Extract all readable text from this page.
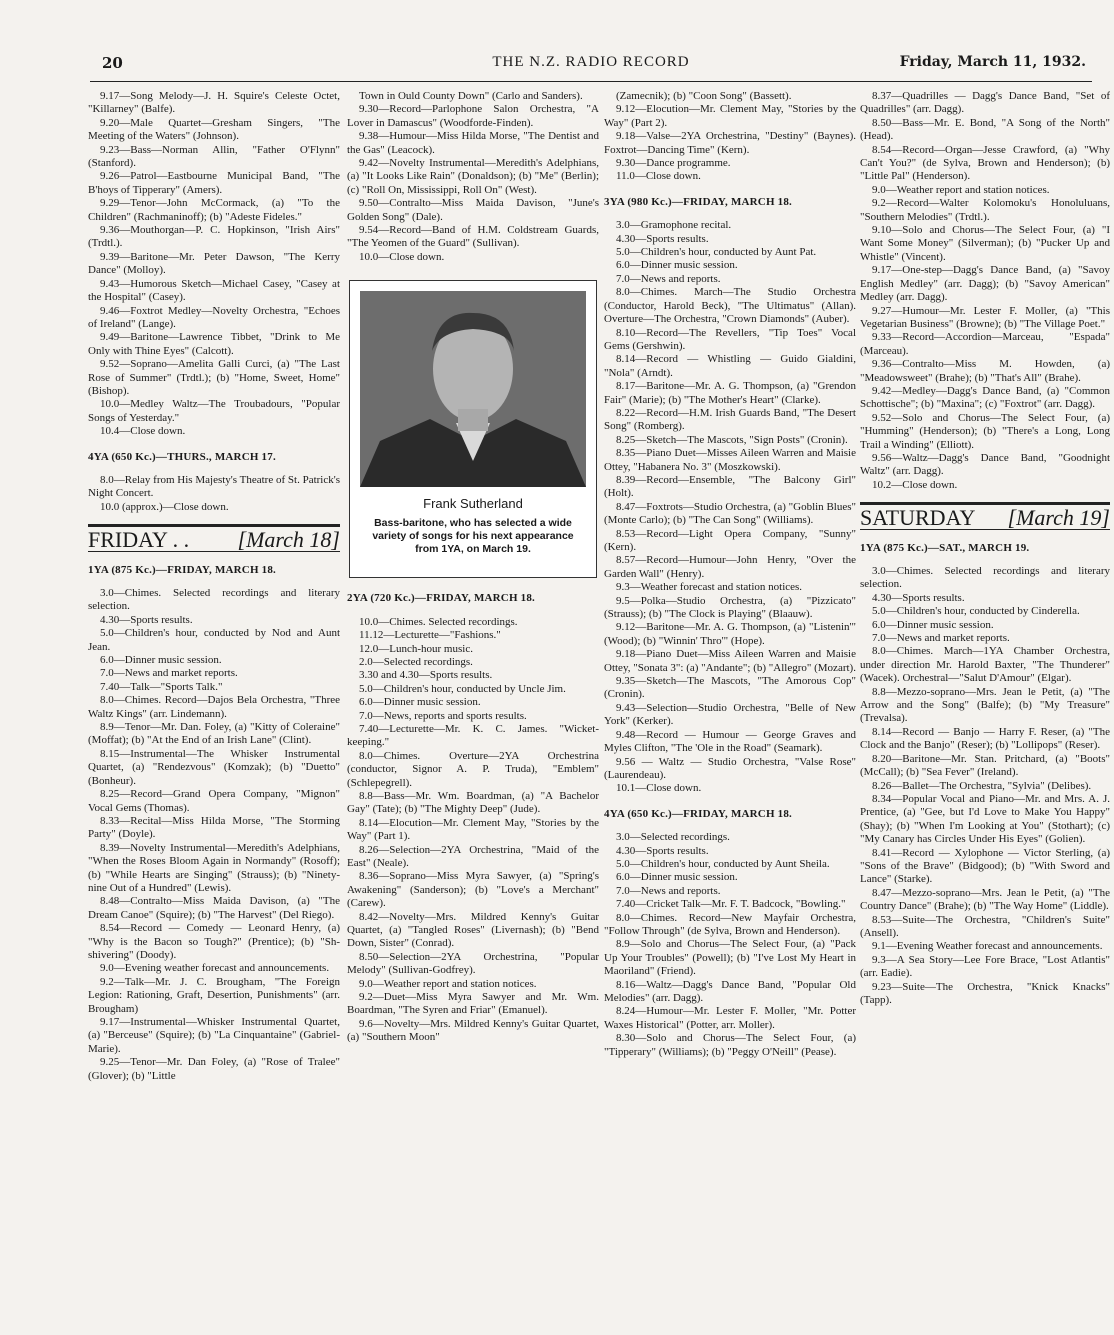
20	THE N.Z. RADIO RECORD	Friday, March 11, 1932.

9.17—Song Melody—J. H. Squire's Celeste Octet, "Killarney" (Balfe).

9.20—Male Quartet—Gresham Singers, "The Meeting of the Waters" (Johnson).

9.23—Bass—Norman Allin, "Father O'Flynn" (Stanford).

9.26—Patrol—Eastbourne Municipal Band, "The B'hoys of Tipperary" (Amers).

9.29—Tenor—John McCormack, (a) "To the Children" (Rachmaninoff); (b) "Adeste Fideles."

9.36—Mouthorgan—P. C. Hopkinson, "Irish Airs" (Trdtl.).

9.39—Baritone—Mr. Peter Dawson, "The Kerry Dance" (Molloy).

9.43—Humorous Sketch—Michael Casey, "Casey at the Hospital" (Casey).

9.46—Foxtrot Medley—Novelty Orchestra, "Echoes of Ireland" (Lange).

9.49—Baritone—Lawrence Tibbet, "Drink to Me Only with Thine Eyes" (Calcott).

9.52—Soprano—Amelita Galli Curci, (a) "The Last Rose of Summer" (Trdtl.); (b) "Home, Sweet, Home" (Bishop).

10.0—Medley Waltz—The Troubadours, "Popular Songs of Yesterday."

10.4—Close down.

4YA (650 Kc.)—THURS., MARCH 17.

8.0—Relay from His Majesty's Theatre of St. Patrick's Night Concert.

10.0 (approx.)—Close down.

FRIDAY . . [March 18]
1YA (875 Kc.)—FRIDAY, MARCH 18.

3.0—Chimes. Selected recordings and literary selection.

4.30—Sports results.

5.0—Children's hour, conducted by Nod and Aunt Jean.

6.0—Dinner music session.

7.0—News and market reports.

7.40—Talk—"Sports Talk."

8.0—Chimes. Record—Dajos Bela Orchestra, "Three Waltz Kings" (arr. Lindemann).

8.9—Tenor—Mr. Dan. Foley, (a) "Kitty of Coleraine" (Moffat); (b) "At the End of an Irish Lane" (Clint).

8.15—Instrumental—The Whisker Instrumental Quartet, (a) "Rendezvous" (Komzak); (b) "Duetto" (Bonheur).

8.25—Record—Grand Opera Company, "Mignon" Vocal Gems (Thomas).

8.33—Recital—Miss Hilda Morse, "The Storming Party" (Doyle).

8.39—Novelty Instrumental—Meredith's Adelphians, "When the Roses Bloom Again in Normandy" (Rosoff); (b) "While Hearts are Singing" (Strauss); (b) "Ninety-nine Out of a Hundred" (Lewis).

8.48—Contralto—Miss Maida Davison, (a) "The Dream Canoe" (Squire); (b) "The Harvest" (Del Riego).

8.54—Record — Comedy — Leonard Henry, (a) "Why is the Bacon so Tough?" (Prentice); (b) "Sh-shivering" (Doody).

9.0—Evening weather forecast and announcements.

9.2—Talk—Mr. J. C. Brougham, "The Foreign Legion: Rationing, Graft, Desertion, Punishments" (arr. Brougham)

9.17—Instrumental—Whisker Instrumental Quartet, (a) "Berceuse" (Squire); (b) "La Cinquantaine" (Gabriel-Marie).

9.25—Tenor—Mr. Dan Foley, (a) "Rose of Tralee" (Glover); (b) "Little

Town in Ould County Down" (Carlo and Sanders).

9.30—Record—Parlophone Salon Orchestra, "A Lover in Damascus" (Woodforde-Finden).

9.38—Humour—Miss Hilda Morse, "The Dentist and the Gas" (Leacock).

9.42—Novelty Instrumental—Meredith's Adelphians, (a) "It Looks Like Rain" (Donaldson); (b) "Me" (Berlin); (c) "Roll On, Mississippi, Roll On" (West).

9.50—Contralto—Miss Maida Davison, "June's Golden Song" (Dale).

9.54—Record—Band of H.M. Coldstream Guards, "The Yeomen of the Guard" (Sullivan).

10.0—Close down.

Frank Sutherland
Bass-baritone, who has selected a wide variety of songs for his next appearance from 1YA, on March 19.
2YA (720 Kc.)—FRIDAY, MARCH 18.

10.0—Chimes. Selected recordings.

11.12—Lecturette—"Fashions."

12.0—Lunch-hour music.

2.0—Selected recordings.

3.30 and 4.30—Sports results.

5.0—Children's hour, conducted by Uncle Jim.

6.0—Dinner music session.

7.0—News, reports and sports results.

7.40—Lecturette—Mr. K. C. James. "Wicket-keeping."

8.0—Chimes. Overture—2YA Orchestrina (conductor, Signor A. P. Truda), "Emblem" (Schlepegrell).

8.8—Bass—Mr. Wm. Boardman, (a) "A Bachelor Gay" (Tate); (b) "The Mighty Deep" (Jude).

8.14—Elocution—Mr. Clement May, "Stories by the Way" (Part 1).

8.26—Selection—2YA Orchestrina, "Maid of the East" (Neale).

8.36—Soprano—Miss Myra Sawyer, (a) "Spring's Awakening" (Sanderson); (b) "Love's a Merchant" (Carew).

8.42—Novelty—Mrs. Mildred Kenny's Guitar Quartet, (a) "Tangled Roses" (Livernash); (b) "Bend Down, Sister" (Conrad).

8.50—Selection—2YA Orchestrina, "Popular Melody" (Sullivan-Godfrey).

9.0—Weather report and station notices.

9.2—Duet—Miss Myra Sawyer and Mr. Wm. Boardman, "The Syren and Friar" (Emanuel).

9.6—Novelty—Mrs. Mildred Kenny's Guitar Quartet, (a) "Southern Moon"

(Zamecnik); (b) "Coon Song" (Bassett).

9.12—Elocution—Mr. Clement May, "Stories by the Way" (Part 2).

9.18—Valse—2YA Orchestrina, "Destiny" (Baynes). Foxtrot—Dancing Time" (Kern).

9.30—Dance programme.

11.0—Close down.

3YA (980 Kc.)—FRIDAY, MARCH 18.

3.0—Gramophone recital.

4.30—Sports results.

5.0—Children's hour, conducted by Aunt Pat.

6.0—Dinner music session.

7.0—News and reports.

8.0—Chimes. March—The Studio Orchestra (Conductor, Harold Beck), "The Ultimatus" (Allan). Overture—The Orchestra, "Crown Diamonds" (Auber).

8.10—Record—The Revellers, "Tip Toes" Vocal Gems (Gershwin).

8.14—Record — Whistling — Guido Gialdini, "Nola" (Arndt).

8.17—Baritone—Mr. A. G. Thompson, (a) "Grendon Fair" (Marie); (b) "The Mother's Heart" (Clarke).

8.22—Record—H.M. Irish Guards Band, "The Desert Song" (Romberg).

8.25—Sketch—The Mascots, "Sign Posts" (Cronin).

8.35—Piano Duet—Misses Aileen Warren and Maisie Ottey, "Habanera No. 3" (Moszkowski).

8.39—Record—Ensemble, "The Balcony Girl" (Holt).

8.47—Foxtrots—Studio Orchestra, (a) "Goblin Blues" (Monte Carlo); (b) "The Can Song" (Williams).

8.53—Record—Light Opera Company, "Sunny" (Kern).

8.57—Record—Humour—John Henry, "Over the Garden Wall" (Henry).

9.3—Weather forecast and station notices.

9.5—Polka—Studio Orchestra, (a) "Pizzicato" (Strauss); (b) "The Clock is Playing" (Blaauw).

9.12—Baritone—Mr. A. G. Thompson, (a) "Listenin'" (Wood); (b) "Winnin' Thro'" (Hope).

9.18—Piano Duet—Miss Aileen Warren and Maisie Ottey, "Sonata 3": (a) "Andante"; (b) "Allegro" (Mozart).

9.35—Sketch—The Mascots, "The Amorous Cop" (Cronin).

9.43—Selection—Studio Orchestra, "Belle of New York" (Kerker).

9.48—Record — Humour — George Graves and Myles Clifton, "The 'Ole in the Road" (Seamark).

9.56 — Waltz — Studio Orchestra, "Valse Rose" (Laurendeau).

10.1—Close down.

4YA (650 Kc.)—FRIDAY, MARCH 18.

3.0—Selected recordings.

4.30—Sports results.

5.0—Children's hour, conducted by Aunt Sheila.

6.0—Dinner music session.

7.0—News and reports.

7.40—Cricket Talk—Mr. F. T. Badcock, "Bowling."

8.0—Chimes. Record—New Mayfair Orchestra, "Follow Through" (de Sylva, Brown and Henderson).

8.9—Solo and Chorus—The Select Four, (a) "Pack Up Your Troubles" (Powell); (b) "I've Lost My Heart in Maoriland" (Friend).

8.16—Waltz—Dagg's Dance Band, "Popular Old Melodies" (arr. Dagg).

8.24—Humour—Mr. Lester F. Moller, "Mr. Potter Waxes Historical" (Potter, arr. Moller).

8.30—Solo and Chorus—The Select Four, (a) "Tipperary" (Williams); (b) "Peggy O'Neill" (Pease).

8.37—Quadrilles — Dagg's Dance Band, "Set of Quadrilles" (arr. Dagg).

8.50—Bass—Mr. E. Bond, "A Song of the North" (Head).

8.54—Record—Organ—Jesse Crawford, (a) "Why Can't You?" (de Sylva, Brown and Henderson); (b) "Little Pal" (Henderson).

9.0—Weather report and station notices.

9.2—Record—Walter Kolomoku's Honoluluans, "Southern Melodies" (Trdtl.).

9.10—Solo and Chorus—The Select Four, (a) "I Want Some Money" (Silverman); (b) "Pucker Up and Whistle" (Vincent).

9.17—One-step—Dagg's Dance Band, (a) "Savoy English Medley" (arr. Dagg); (b) "Savoy American" Medley (arr. Dagg).

9.27—Humour—Mr. Lester F. Moller, (a) "This Vegetarian Business" (Browne); (b) "The Village Poet."

9.33—Record—Accordion—Marceau, "Espada" (Marceau).

9.36—Contralto—Miss M. Howden, (a) "Meadowsweet" (Brahe); (b) "That's All" (Brahe).

9.42—Medley—Dagg's Dance Band, (a) "Common Schottische"; (b) "Maxina"; (c) "Foxtrot" (arr. Dagg).

9.52—Solo and Chorus—The Select Four, (a) "Humming" (Henderson); (b) "There's a Long, Long Trail a Winding" (Elliott).

9.56—Waltz—Dagg's Dance Band, "Goodnight Waltz" (arr. Dagg).

10.2—Close down.

SATURDAY [March 19]
1YA (875 Kc.)—SAT., MARCH 19.

3.0—Chimes. Selected recordings and literary selection.

4.30—Sports results.

5.0—Children's hour, conducted by Cinderella.

6.0—Dinner music session.

7.0—News and market reports.

8.0—Chimes. March—1YA Chamber Orchestra, under direction Mr. Harold Baxter, "The Thunderer" (Wacek). Orchestral—"Salut D'Amour" (Elgar).

8.8—Mezzo-soprano—Mrs. Jean le Petit, (a) "The Arrow and the Song" (Balfe); (b) "My Treasure" (Trevalsa).

8.14—Record — Banjo — Harry F. Reser, (a) "The Clock and the Banjo" (Reser); (b) "Lollipops" (Reser).

8.20—Baritone—Mr. Stan. Pritchard, (a) "Boots" (McCall); (b) "Sea Fever" (Ireland).

8.26—Ballet—The Orchestra, "Sylvia" (Delibes).

8.34—Popular Vocal and Piano—Mr. and Mrs. A. J. Prentice, (a) "Gee, but I'd Love to Make You Happy" (Shay); (b) "When I'm Looking at You" (Stothart); (c) "My Canary has Circles Under His Eyes" (Golien).

8.41—Record — Xylophone — Victor Sterling, (a) "Sons of the Brave" (Bidgood); (b) "With Sword and Lance" (Starke).

8.47—Mezzo-soprano—Mrs. Jean le Petit, (a) "The Country Dance" (Brahe); (b) "The Way Home" (Liddle).

8.53—Suite—The Orchestra, "Children's Suite" (Ansell).

9.1—Evening Weather forecast and announcements.

9.3—A Sea Story—Lee Fore Brace, "Lost Atlantis" (arr. Eadie).

9.23—Suite—The Orchestra, "Knick Knacks" (Tapp).
